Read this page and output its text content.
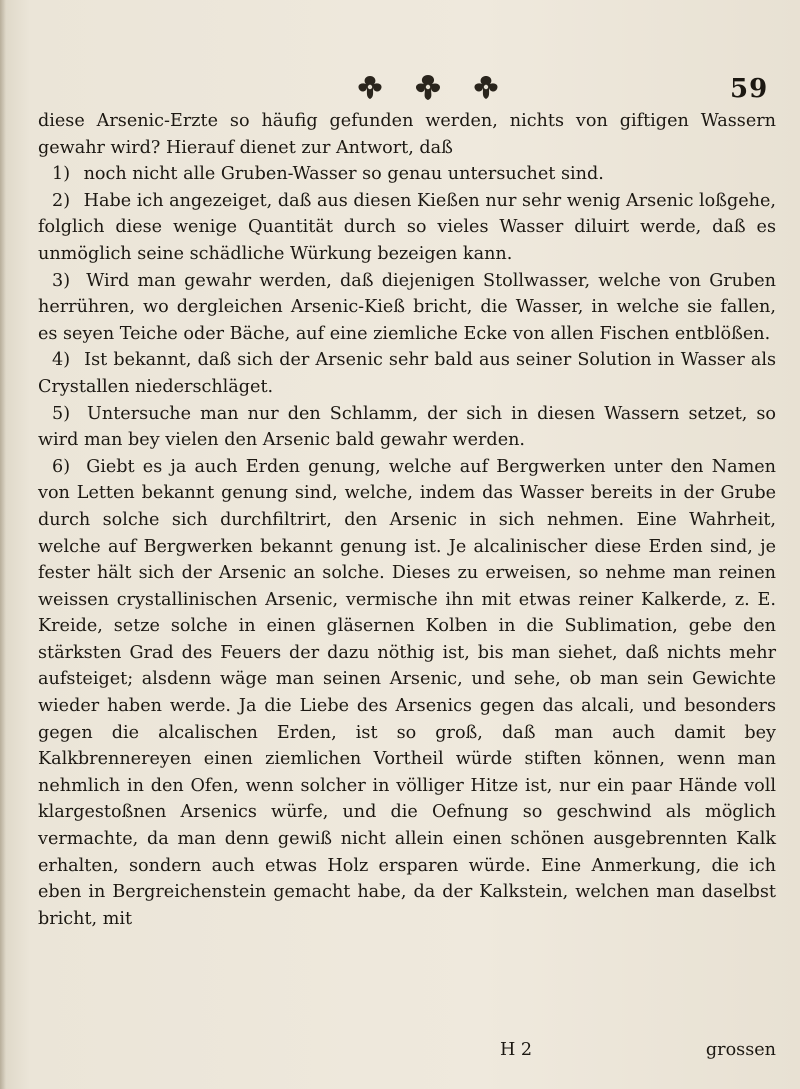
59

diese Arsenic-Erzte so häufig gefunden werden, nichts von giftigen Wassern gewahr wird? Hierauf dienet zur Antwort, daß

1) noch nicht alle Gruben-Wasser so genau untersuchet sind.

2) Habe ich angezeiget, daß aus diesen Kießen nur sehr wenig Arsenic loßgehe, folglich diese wenige Quantität durch so vieles Wasser diluirt werde, daß es unmöglich seine schädliche Würkung bezeigen kann.

3) Wird man gewahr werden, daß diejenigen Stollwasser, welche von Gruben herrühren, wo dergleichen Arsenic-Kieß bricht, die Wasser, in welche sie fallen, es seyen Teiche oder Bäche, auf eine ziemliche Ecke von allen Fischen entblößen.

4) Ist bekannt, daß sich der Arsenic sehr bald aus seiner Solution in Wasser als Crystallen niederschläget.

5) Untersuche man nur den Schlamm, der sich in diesen Wassern setzet, so wird man bey vielen den Arsenic bald gewahr werden.

6) Giebt es ja auch Erden genung, welche auf Bergwerken unter den Namen von Letten bekannt genung sind, welche, indem das Wasser bereits in der Grube durch solche sich durchfiltrirt, den Arsenic in sich nehmen. Eine Wahrheit, welche auf Bergwerken bekannt genung ist. Je alcalinischer diese Erden sind, je fester hält sich der Arsenic an solche. Dieses zu erweisen, so nehme man reinen weissen crystallinischen Arsenic, vermische ihn mit etwas reiner Kalkerde, z. E. Kreide, setze solche in einen gläsernen Kolben in die Sublimation, gebe den stärksten Grad des Feuers der dazu nöthig ist, bis man siehet, daß nichts mehr aufsteiget; alsdenn wäge man seinen Arsenic, und sehe, ob man sein Gewichte wieder haben werde. Ja die Liebe des Arsenics gegen das alcali, und besonders gegen die alcalischen Erden, ist so groß, daß man auch damit bey Kalkbrennereyen einen ziemlichen Vortheil würde stiften können, wenn man nehmlich in den Ofen, wenn solcher in völliger Hitze ist, nur ein paar Hände voll klargestoßnen Arsenics würfe, und die Oefnung so geschwind als möglich vermachte, da man denn gewiß nicht allein einen schönen ausgebrennten Kalk erhalten, sondern auch etwas Holz ersparen würde. Eine Anmerkung, die ich eben in Bergreichenstein gemacht habe, da der Kalkstein, welchen man daselbst bricht, mit

H 2	grossen
